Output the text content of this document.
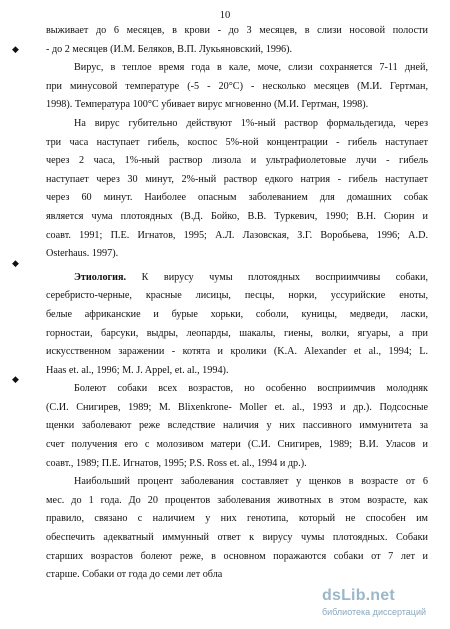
10
◆
◆
◆
выживает до 6 месяцев, в крови - до 3 месяцев, в слизи носовой полости
- до 2 месяцев (И.М. Беляков, В.П. Лукьяновский, 1996).
Вирус, в теплое время года в кале, моче, слизи сохраняется 7-11 дней,
при минусовой температуре (-5 - 20°С) - несколько месяцев (М.И. Гертман,
1998). Температура 100°С убивает вирус мгновенно (М.И. Гертман, 1998).
На вирус губительно действуют 1%-ный раствор формальдегида, через
три часа наступает гибель, коспос 5%-ной концентрации - гибель наступает
через 2 часа, 1%-ный раствор лизола и ультрафиолетовые лучи - гибель
наступает через 30 минут, 2%-ный раствор едкого натрия - гибель наступает
через 60 минут. Наиболее опасным заболеванием для домашних собак
является чума плотоядных (В.Д. Бойко, В.В. Туркевич, 1990; В.Н. Сюрин и
соавт. 1991; П.Е. Игнатов, 1995; А.Л. Лазовская, З.Г. Воробьева, 1996; A.D.
Osterhaus. 1997).
Этиология. К вирусу чумы плотоядных восприимчивы собаки,
серебристо-черные, красные лисицы, песцы, норки, уссурийские еноты,
белые африканские и бурые хорьки, соболи, куницы, медведи, ласки,
горностаи, барсуки, выдры, леопарды, шакалы, гиены, волки, ягуары, а при
искусственном заражении - котята и кролики (K.A. Alexander et al., 1994; L.
Haas et. al., 1996; M. J. Appel, et. al., 1994).
Болеют собаки всех возрастов, но особенно восприимчив молодняк
(С.И. Снигирев, 1989; M. Blixenkrone- Moller et. al., 1993 и др.). Подсосные
щенки заболевают реже вследствие наличия у них пассивного иммунитета за
счет получения его с молозивом матери (С.И. Снигирев, 1989; В.И. Уласов и
соавт., 1989; П.Е. Игнатов, 1995; P.S. Ross et. al., 1994 и др.).
Наибольший процент заболевания составляет у щенков в возрасте от 6
мес. до 1 года. До 20 процентов заболевания животных в этом возрасте, как
правило, связано с наличием у них генотипа, который не способен им
обеспечить адекватный иммунный ответ к вирусу чумы плотоядных. Собаки
старших возрастов болеют реже, в основном поражаются собаки от 7 лет и
старше. Собаки от года до семи лет обла
dsLib.net
библиотека диссертаций
